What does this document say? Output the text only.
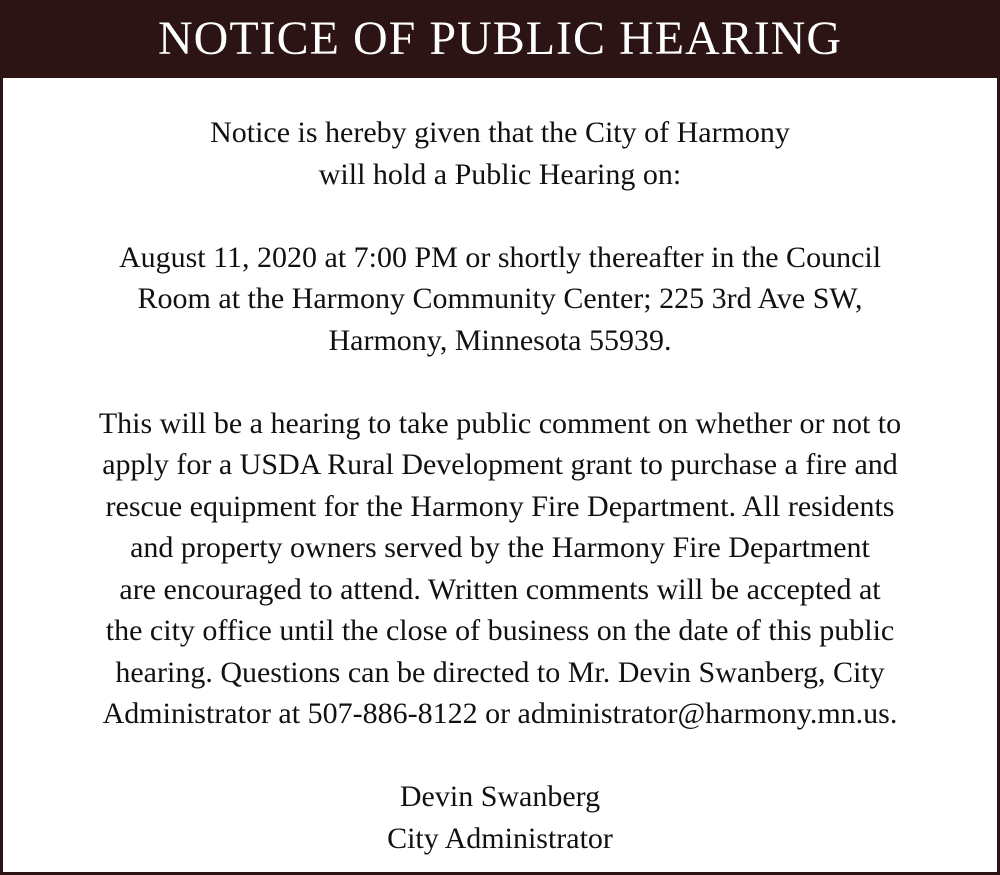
NOTICE OF PUBLIC HEARING

Notice is hereby given that the City of Harmony
will hold a Public Hearing on:

August 11, 2020 at 7:00 PM or shortly thereafter in the Council
Room at the Harmony Community Center; 225 3rd Ave SW,
Harmony, Minnesota 55939.

This will be a hearing to take public comment on whether or not to
apply for a USDA Rural Development grant to purchase a fire and
rescue equipment for the Harmony Fire Department. All residents
and property owners served by the Harmony Fire Department
are encouraged to attend. Written comments will be accepted at
the city office until the close of business on the date of this public
hearing. Questions can be directed to Mr. Devin Swanberg, City
Administrator at 507-886-8122 or administrator@harmony.mn.us.

Devin Swanberg
City Administrator
